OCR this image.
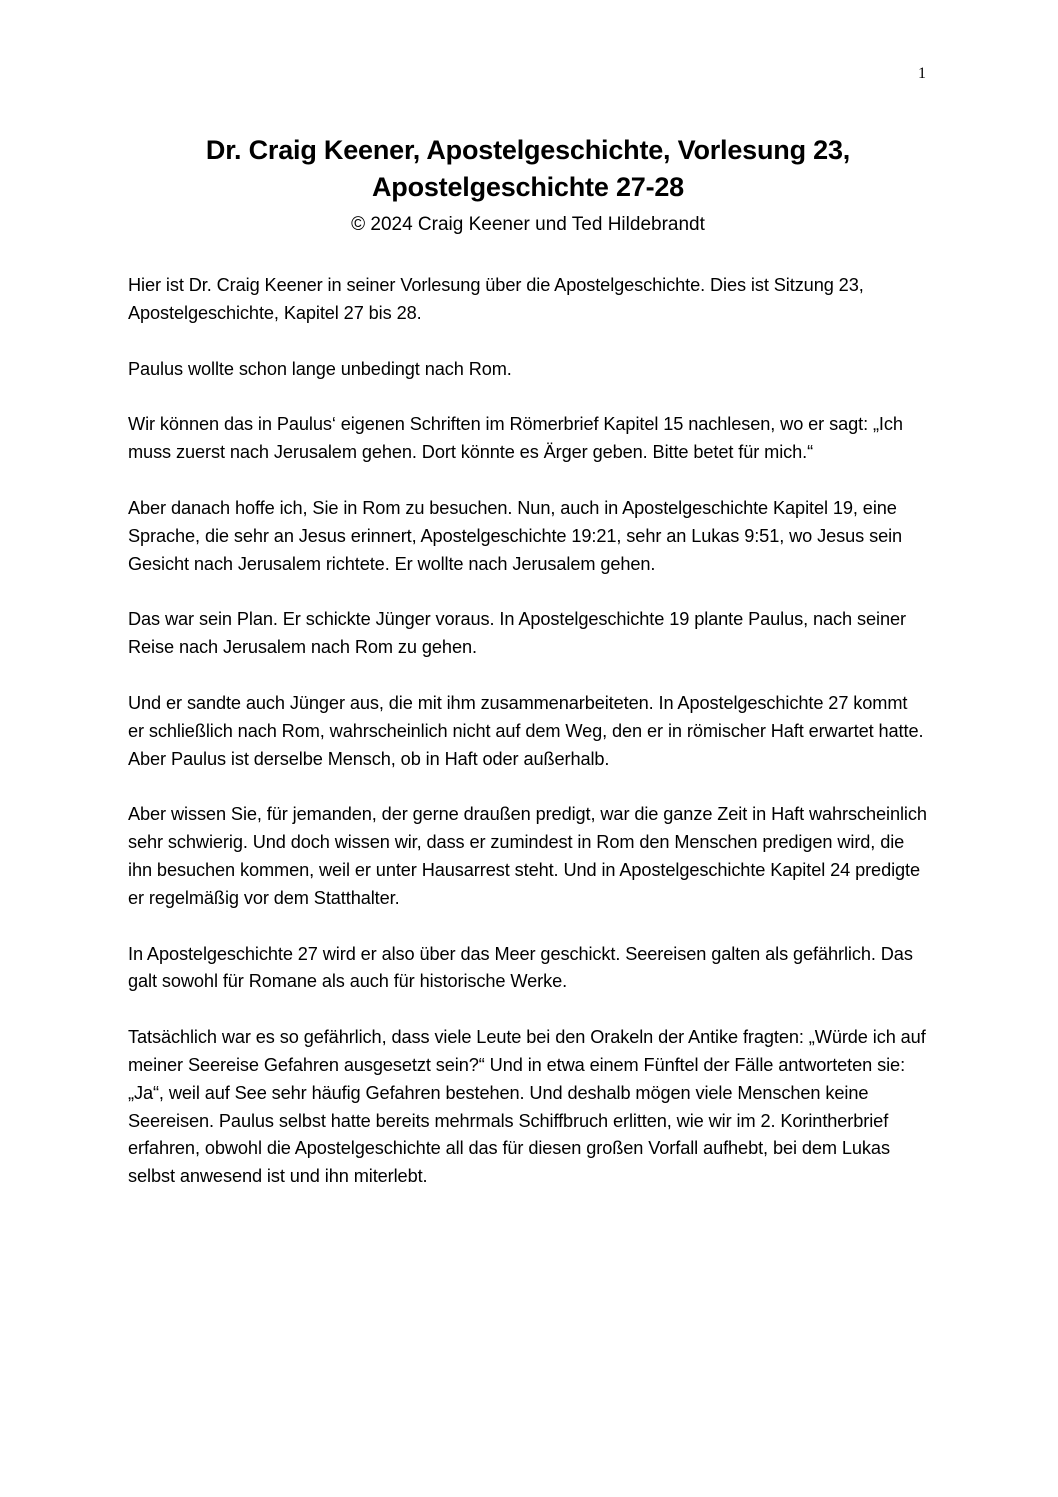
1
Dr. Craig Keener, Apostelgeschichte, Vorlesung 23,
Apostelgeschichte 27-28
© 2024 Craig Keener und Ted Hildebrandt

Hier ist Dr. Craig Keener in seiner Vorlesung über die Apostelgeschichte. Dies ist Sitzung 23, Apostelgeschichte, Kapitel 27 bis 28.

Paulus wollte schon lange unbedingt nach Rom.

Wir können das in Paulus‘ eigenen Schriften im Römerbrief Kapitel 15 nachlesen, wo er sagt: „Ich muss zuerst nach Jerusalem gehen. Dort könnte es Ärger geben. Bitte betet für mich.“

Aber danach hoffe ich, Sie in Rom zu besuchen. Nun, auch in Apostelgeschichte Kapitel 19, eine Sprache, die sehr an Jesus erinnert, Apostelgeschichte 19:21, sehr an Lukas 9:51, wo Jesus sein Gesicht nach Jerusalem richtete. Er wollte nach Jerusalem gehen.

Das war sein Plan. Er schickte Jünger voraus. In Apostelgeschichte 19 plante Paulus, nach seiner Reise nach Jerusalem nach Rom zu gehen.

Und er sandte auch Jünger aus, die mit ihm zusammenarbeiteten. In Apostelgeschichte 27 kommt er schließlich nach Rom, wahrscheinlich nicht auf dem Weg, den er in römischer Haft erwartet hatte. Aber Paulus ist derselbe Mensch, ob in Haft oder außerhalb.

Aber wissen Sie, für jemanden, der gerne draußen predigt, war die ganze Zeit in Haft wahrscheinlich sehr schwierig. Und doch wissen wir, dass er zumindest in Rom den Menschen predigen wird, die ihn besuchen kommen, weil er unter Hausarrest steht. Und in Apostelgeschichte Kapitel 24 predigte er regelmäßig vor dem Statthalter.

In Apostelgeschichte 27 wird er also über das Meer geschickt. Seereisen galten als gefährlich. Das galt sowohl für Romane als auch für historische Werke.

Tatsächlich war es so gefährlich, dass viele Leute bei den Orakeln der Antike fragten: „Würde ich auf meiner Seereise Gefahren ausgesetzt sein?“ Und in etwa einem Fünftel der Fälle antworteten sie: „Ja“, weil auf See sehr häufig Gefahren bestehen. Und deshalb mögen viele Menschen keine Seereisen. Paulus selbst hatte bereits mehrmals Schiffbruch erlitten, wie wir im 2. Korintherbrief erfahren, obwohl die Apostelgeschichte all das für diesen großen Vorfall aufhebt, bei dem Lukas selbst anwesend ist und ihn miterlebt.
